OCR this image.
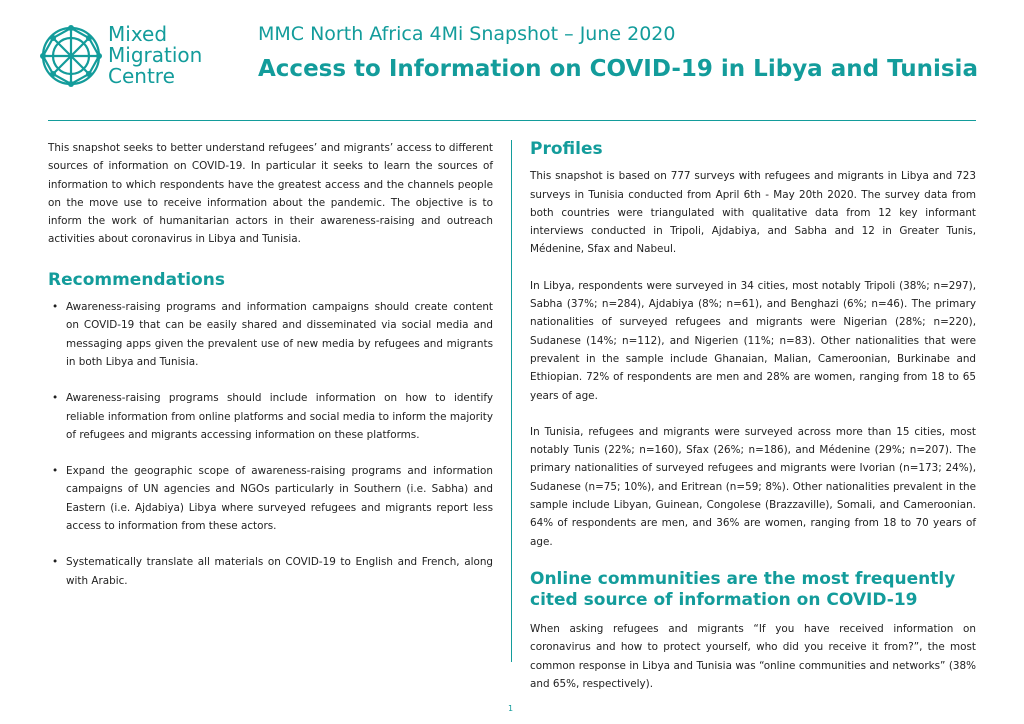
Mixed
Migration
Centre
MMC North Africa 4Mi Snapshot – June 2020
Access to Information on COVID-19 in Libya and Tunisia

This snapshot seeks to better understand refugees’ and migrants’ access to different sources of information on COVID-19. In particular it seeks to learn the sources of information to which respondents have the greatest access and the channels people on the move use to receive information about the pandemic. The objective is to inform the work of humanitarian actors in their awareness-raising and outreach activities about coronavirus in Libya and Tunisia.

Recommendations
• Awareness-raising programs and information campaigns should create content on COVID-19 that can be easily shared and disseminated via social media and messaging apps given the prevalent use of new media by refugees and migrants in both Libya and Tunisia.
• Awareness-raising programs should include information on how to identify reliable information from online platforms and social media to inform the majority of refugees and migrants accessing information on these platforms.
• Expand the geographic scope of awareness-raising programs and information campaigns of UN agencies and NGOs particularly in Southern (i.e. Sabha) and Eastern (i.e. Ajdabiya) Libya where surveyed refugees and migrants report less access to information from these actors.
• Systematically translate all materials on COVID-19 to English and French, along with Arabic.
Profiles

This snapshot is based on 777 surveys with refugees and migrants in Libya and 723 surveys in Tunisia conducted from April 6th - May 20th 2020. The survey data from both countries were triangulated with qualitative data from 12 key informant interviews conducted in Tripoli, Ajdabiya, and Sabha and 12 in Greater Tunis, Médenine, Sfax and Nabeul.

In Libya, respondents were surveyed in 34 cities, most notably Tripoli (38%; n=297), Sabha (37%; n=284), Ajdabiya (8%; n=61), and Benghazi (6%; n=46). The primary nationalities of surveyed refugees and migrants were Nigerian (28%; n=220), Sudanese (14%; n=112), and Nigerien (11%; n=83). Other nationalities that were prevalent in the sample include Ghanaian, Malian, Cameroonian, Burkinabe and Ethiopian. 72% of respondents are men and 28% are women, ranging from 18 to 65 years of age.

In Tunisia, refugees and migrants were surveyed across more than 15 cities, most notably Tunis (22%; n=160), Sfax (26%; n=186), and Médenine (29%; n=207). The primary nationalities of surveyed refugees and migrants were Ivorian (n=173; 24%), Sudanese (n=75; 10%), and Eritrean (n=59; 8%). Other nationalities prevalent in the sample include Libyan, Guinean, Congolese (Brazzaville), Somali, and Cameroonian. 64% of respondents are men, and 36% are women, ranging from 18 to 70 years of age.

Online communities are the most frequently cited source of information on COVID-19

When asking refugees and migrants “If you have received information on coronavirus and how to protect yourself, who did you receive it from?”, the most common response in Libya and Tunisia was “online communities and networks” (38% and 65%, respectively).

1
